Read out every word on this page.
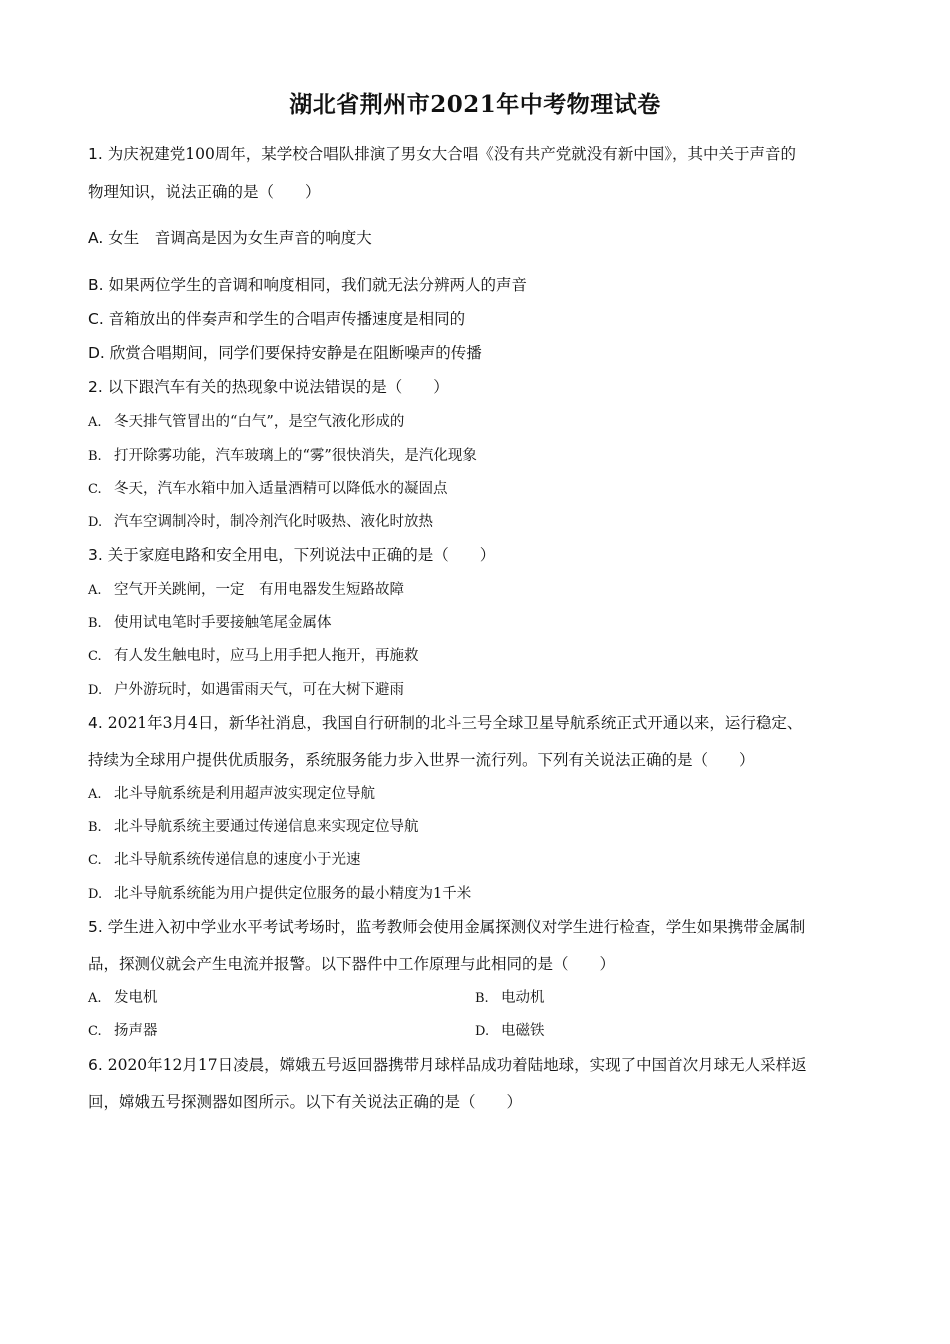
湖北省荆州市2021年中考物理试卷
1. 为庆祝建党100周年，某学校合唱队排演了男女大合唱《没有共产党就没有新中国》，其中关于声音的
物理知识，说法正确的是（　　）
A. 女生　音调高是因为女生声音的响度大
B. 如果两位学生的音调和响度相同，我们就无法分辨两人的声音
C. 音箱放出的伴奏声和学生的合唱声传播速度是相同的
D. 欣赏合唱期间，同学们要保持安静是在阻断噪声的传播
2. 以下跟汽车有关的热现象中说法错误的是（　　）
A. 冬天排气管冒出的“白气”，是空气液化形成的
B. 打开除雾功能，汽车玻璃上的“雾”很快消失，是汽化现象
C. 冬天，汽车水箱中加入适量酒精可以降低水的凝固点
D. 汽车空调制冷时，制冷剂汽化时吸热、液化时放热
3. 关于家庭电路和安全用电，下列说法中正确的是（　　）
A. 空气开关跳闸，一定　有用电器发生短路故障
B. 使用试电笔时手要接触笔尾金属体
C. 有人发生触电时，应马上用手把人拖开，再施救
D. 户外游玩时，如遇雷雨天气，可在大树下避雨
4. 2021年3月4日，新华社消息，我国自行研制的北斗三号全球卫星导航系统正式开通以来，运行稳定、
持续为全球用户提供优质服务，系统服务能力步入世界一流行列。下列有关说法正确的是（　　）
A. 北斗导航系统是利用超声波实现定位导航
B. 北斗导航系统主要通过传递信息来实现定位导航
C. 北斗导航系统传递信息的速度小于光速
D. 北斗导航系统能为用户提供定位服务的最小精度为1千米
5. 学生进入初中学业水平考试考场时，监考教师会使用金属探测仪对学生进行检查，学生如果携带金属制
品，探测仪就会产生电流并报警。以下器件中工作原理与此相同的是（　　）
A. 发电机	B. 电动机
C. 扬声器	D. 电磁铁
6. 2020年12月17日凌晨，嫦娥五号返回器携带月球样品成功着陆地球，实现了中国首次月球无人采样返
回，嫦娥五号探测器如图所示。以下有关说法正确的是（　　）
